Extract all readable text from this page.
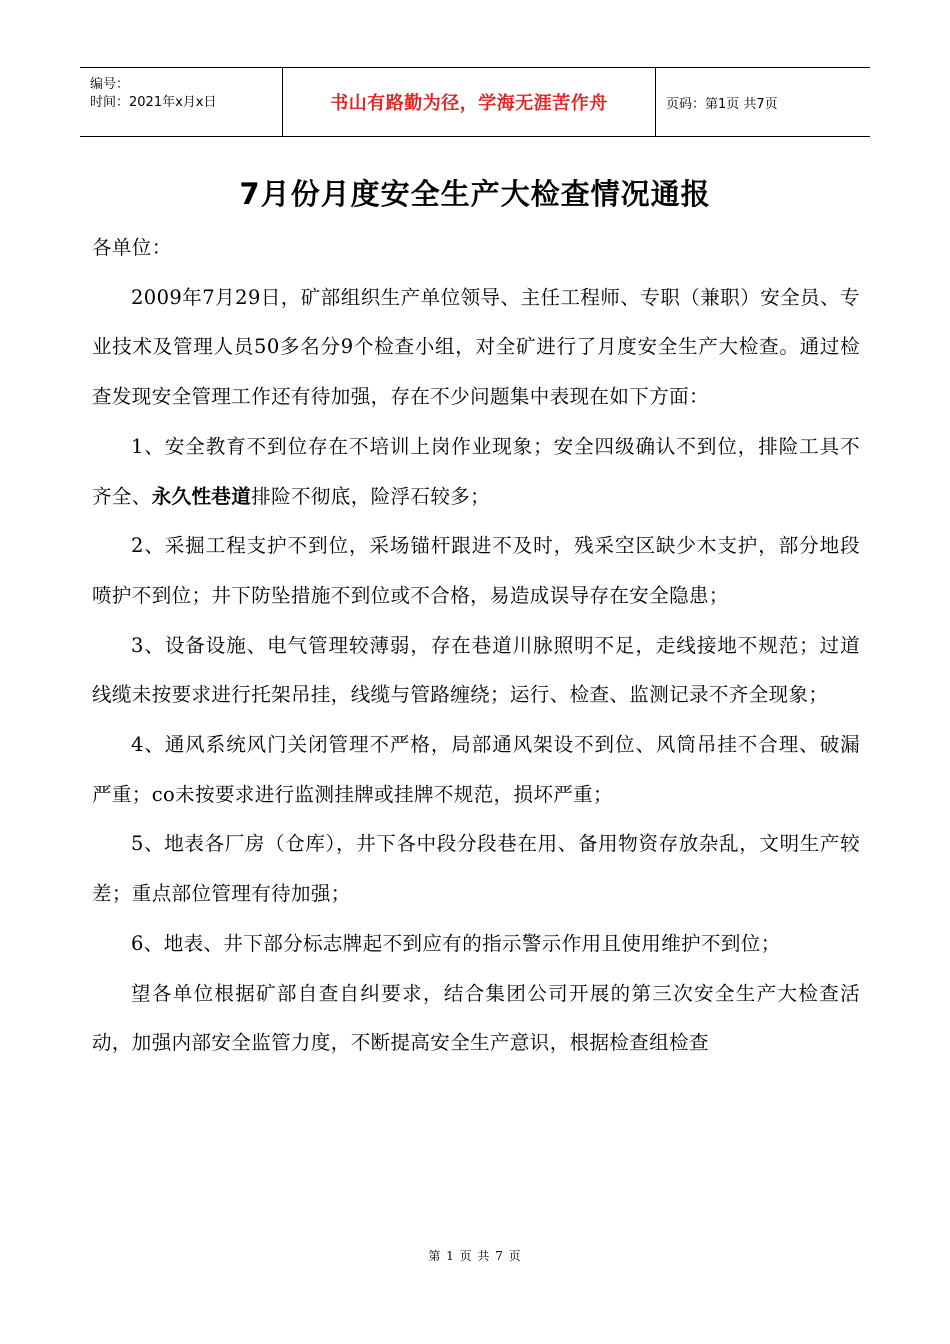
编号：
时间：2021年x月x日	书山有路勤为径，学海无涯苦作舟	页码：第1页 共7页
7月份月度安全生产大检查情况通报

各单位：

2009年7月29日，矿部组织生产单位领导、主任工程师、专职（兼职）安全员、专业技术及管理人员50多名分9个检查小组，对全矿进行了月度安全生产大检查。通过检查发现安全管理工作还有待加强，存在不少问题集中表现在如下方面：

1、安全教育不到位存在不培训上岗作业现象；安全四级确认不到位，排险工具不齐全、永久性巷道排险不彻底，险浮石较多；

2、采掘工程支护不到位，采场锚杆跟进不及时，残采空区缺少木支护，部分地段喷护不到位；井下防坠措施不到位或不合格，易造成误导存在安全隐患；

3、设备设施、电气管理较薄弱，存在巷道川脉照明不足，走线接地不规范；过道线缆未按要求进行托架吊挂，线缆与管路缠绕；运行、检查、监测记录不齐全现象；

4、通风系统风门关闭管理不严格，局部通风架设不到位、风筒吊挂不合理、破漏严重；co未按要求进行监测挂牌或挂牌不规范，损坏严重；

5、地表各厂房（仓库），井下各中段分段巷在用、备用物资存放杂乱，文明生产较差；重点部位管理有待加强；

6、地表、井下部分标志牌起不到应有的指示警示作用且使用维护不到位；

望各单位根据矿部自查自纠要求，结合集团公司开展的第三次安全生产大检查活动，加强内部安全监管力度，不断提高安全生产意识，根据检查组检查

第 1 页 共 7 页
